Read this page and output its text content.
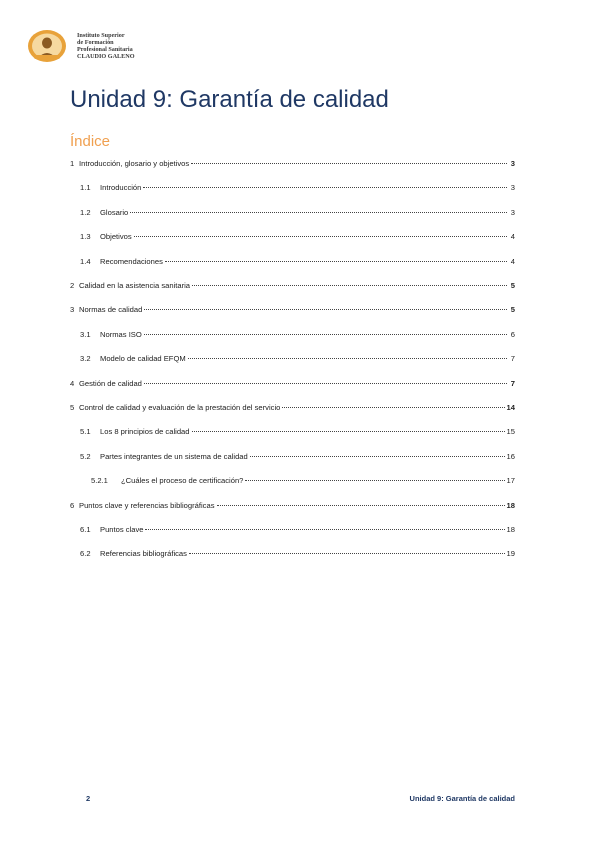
Instituto Superior
de Formación
Profesional Sanitaria
CLAUDIO GALENO
Unidad 9: Garantía de calidad
Índice
1 Introducción, glosario y objetivos	3
1.1	Introducción	3
1.2	Glosario	3
1.3	Objetivos	4
1.4	Recomendaciones	4
2 Calidad en la asistencia sanitaria	5
3 Normas de calidad	5
3.1	Normas ISO	6
3.2	Modelo de calidad EFQM	7
4 Gestión de calidad	7
5 Control de calidad y evaluación de la prestación del servicio	14
5.1	Los 8 principios de calidad	15
5.2	Partes integrantes de un sistema de calidad	16
5.2.1	¿Cuáles el proceso de certificación?	17
6 Puntos clave y referencias bibliográficas	18
6.1	Puntos clave	18
6.2	Referencias bibliográficas	19
2	Unidad 9: Garantía de calidad
